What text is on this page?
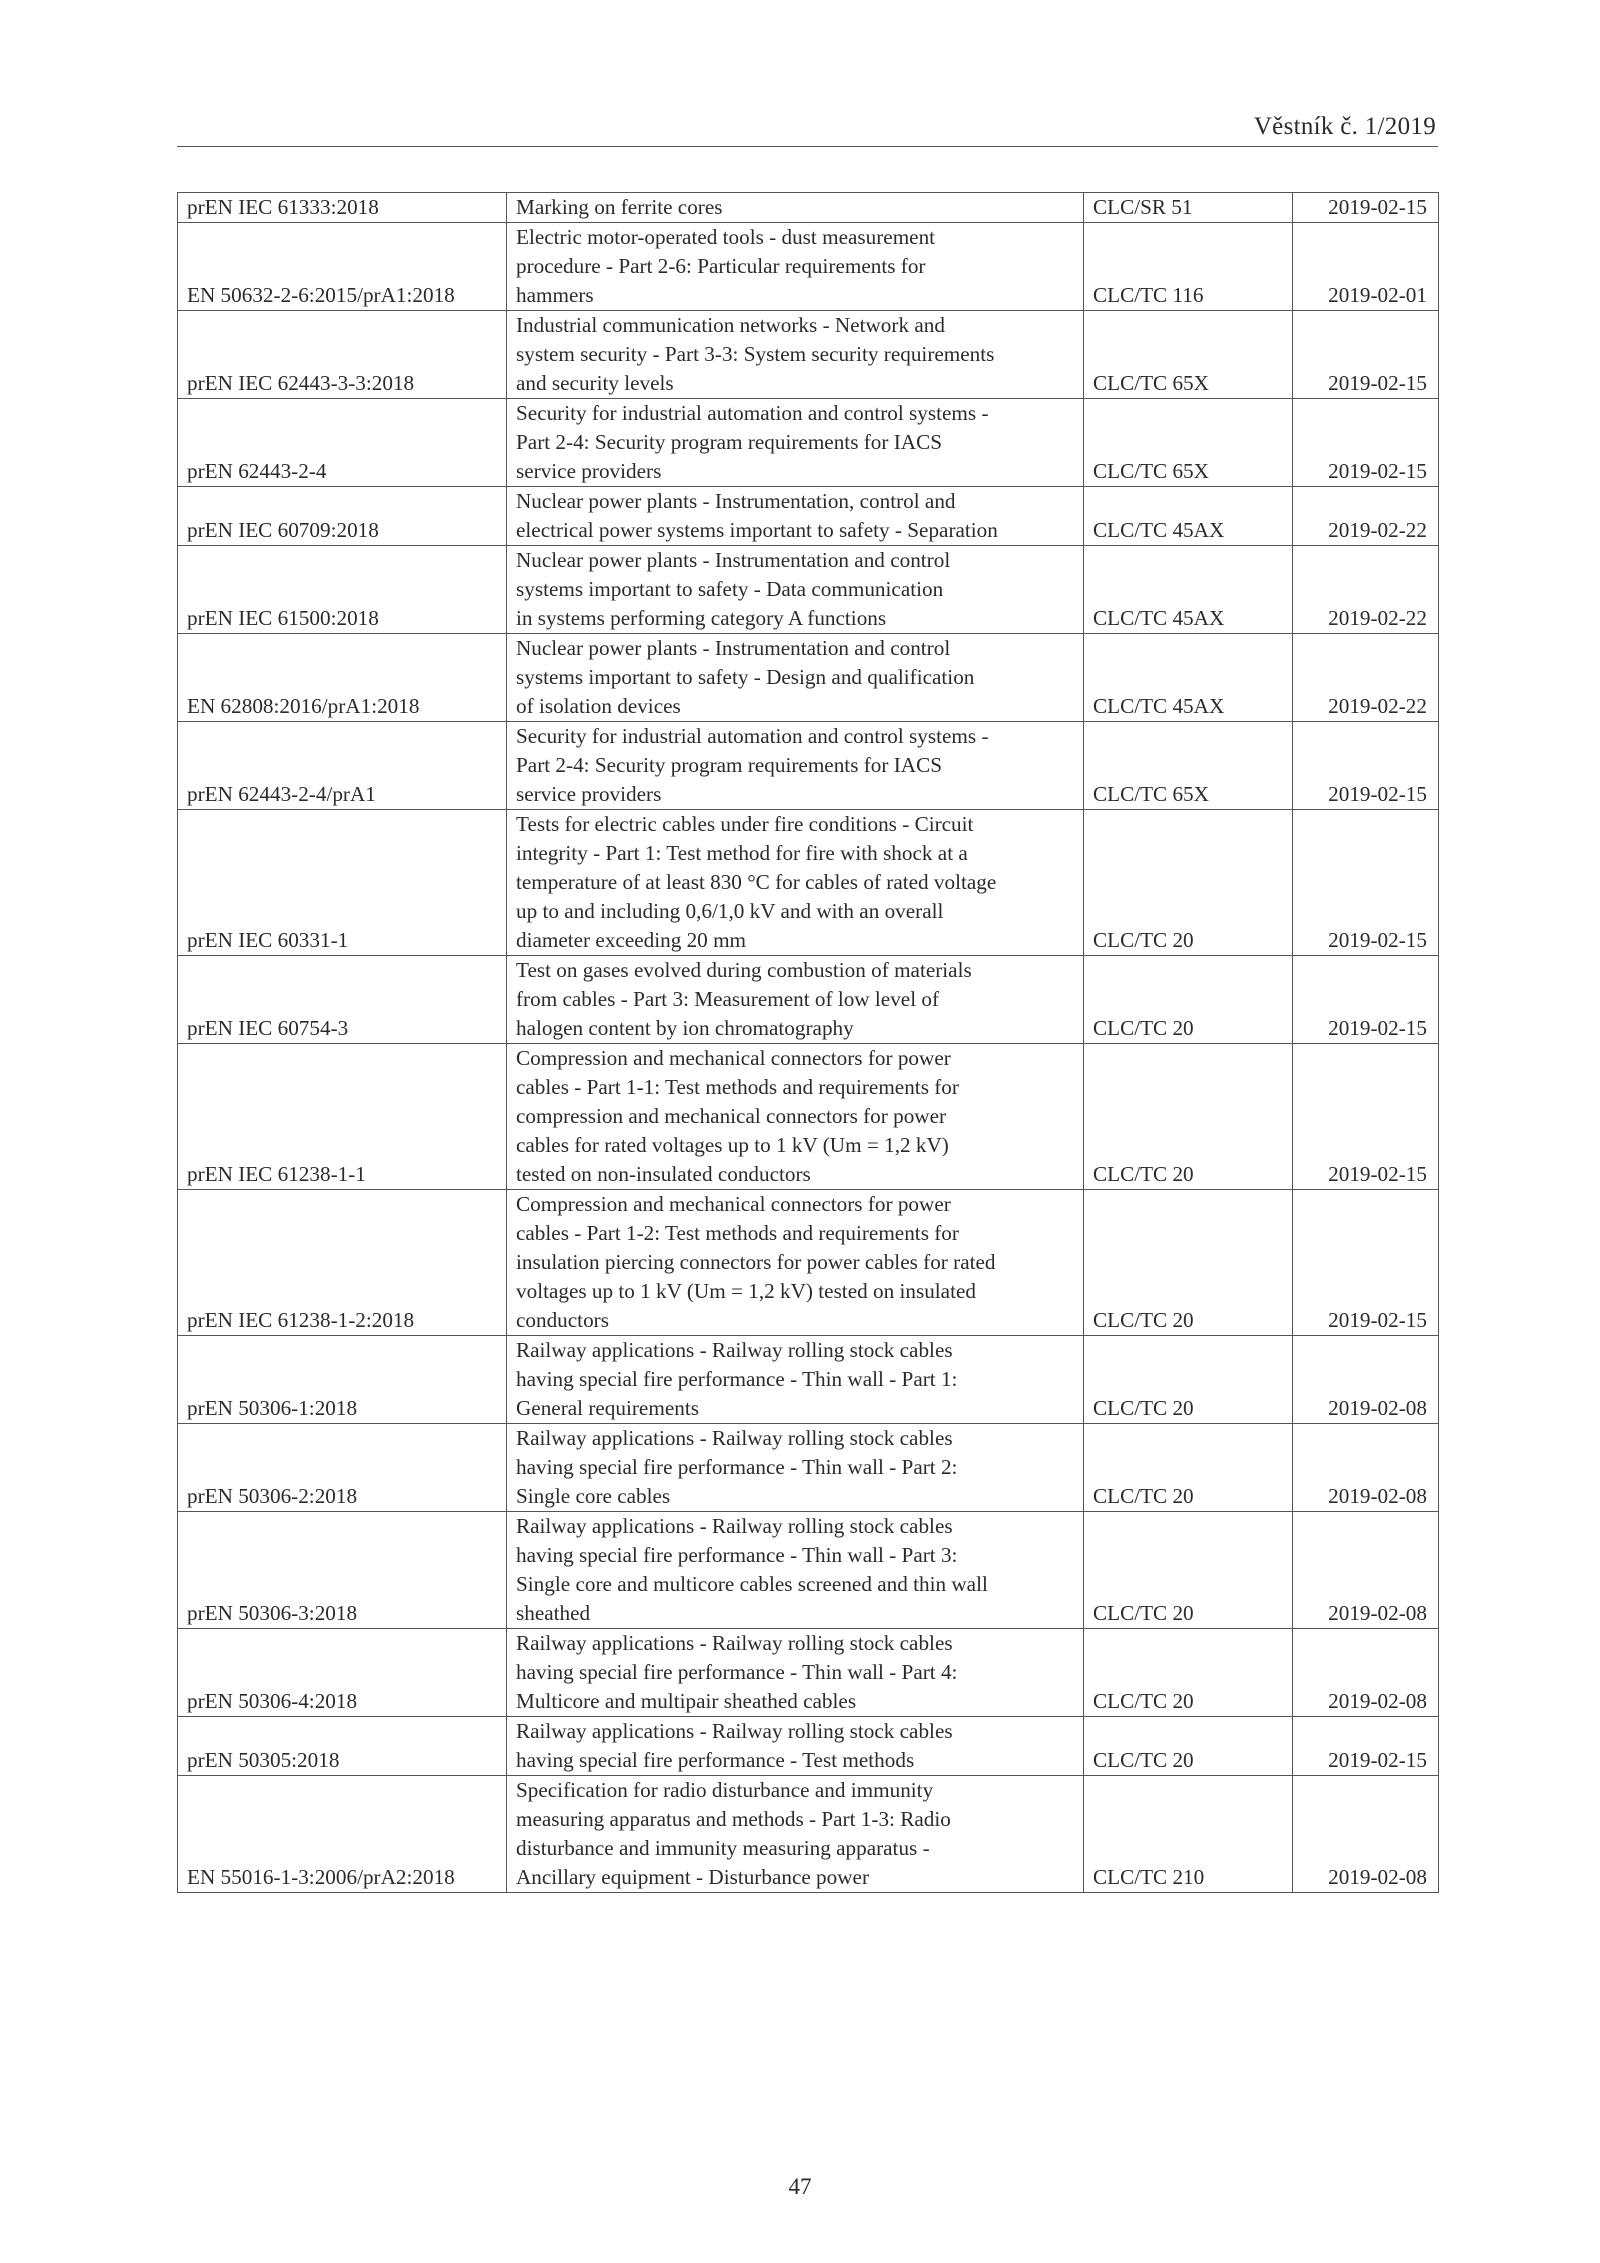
Věstník č. 1/2019
prEN IEC 61333:2018	Marking on ferrite cores	CLC/SR 51	2019-02-15
EN 50632-2-6:2015/prA1:2018	Electric motor-operated tools - dust measurement
procedure - Part 2-6: Particular requirements for
hammers	CLC/TC 116	2019-02-01
prEN IEC 62443-3-3:2018	Industrial communication networks - Network and
system security - Part 3-3: System security requirements
and security levels	CLC/TC 65X	2019-02-15
prEN 62443-2-4	Security for industrial automation and control systems -
Part 2-4: Security program requirements for IACS
service providers	CLC/TC 65X	2019-02-15
prEN IEC 60709:2018	Nuclear power plants - Instrumentation, control and
electrical power systems important to safety - Separation	CLC/TC 45AX	2019-02-22
prEN IEC 61500:2018	Nuclear power plants - Instrumentation and control
systems important to safety - Data communication
in systems performing category A functions	CLC/TC 45AX	2019-02-22
EN 62808:2016/prA1:2018	Nuclear power plants - Instrumentation and control
systems important to safety - Design and qualification
of isolation devices	CLC/TC 45AX	2019-02-22
prEN 62443-2-4/prA1	Security for industrial automation and control systems -
Part 2-4: Security program requirements for IACS
service providers	CLC/TC 65X	2019-02-15
prEN IEC 60331-1	Tests for electric cables under fire conditions - Circuit
integrity - Part 1: Test method for fire with shock at a
temperature of at least 830 °C for cables of rated voltage
up to and including 0,6/1,0 kV and with an overall
diameter exceeding 20 mm	CLC/TC 20	2019-02-15
prEN IEC 60754-3	Test on gases evolved during combustion of materials
from cables - Part 3: Measurement of low level of
halogen content by ion chromatography	CLC/TC 20	2019-02-15
prEN IEC 61238-1-1	Compression and mechanical connectors for power
cables - Part 1-1: Test methods and requirements for
compression and mechanical connectors for power
cables for rated voltages up to 1 kV (Um = 1,2 kV)
tested on non-insulated conductors	CLC/TC 20	2019-02-15
prEN IEC 61238-1-2:2018	Compression and mechanical connectors for power
cables - Part 1-2: Test methods and requirements for
insulation piercing connectors for power cables for rated
voltages up to 1 kV (Um = 1,2 kV) tested on insulated
conductors	CLC/TC 20	2019-02-15
prEN 50306-1:2018	Railway applications - Railway rolling stock cables
having special fire performance - Thin wall - Part 1:
General requirements	CLC/TC 20	2019-02-08
prEN 50306-2:2018	Railway applications - Railway rolling stock cables
having special fire performance - Thin wall - Part 2:
Single core cables	CLC/TC 20	2019-02-08
prEN 50306-3:2018	Railway applications - Railway rolling stock cables
having special fire performance - Thin wall - Part 3:
Single core and multicore cables screened and thin wall
sheathed	CLC/TC 20	2019-02-08
prEN 50306-4:2018	Railway applications - Railway rolling stock cables
having special fire performance - Thin wall - Part 4:
Multicore and multipair sheathed cables	CLC/TC 20	2019-02-08
prEN 50305:2018	Railway applications - Railway rolling stock cables
having special fire performance - Test methods	CLC/TC 20	2019-02-15
EN 55016-1-3:2006/prA2:2018	Specification for radio disturbance and immunity
measuring apparatus and methods - Part 1-3: Radio
disturbance and immunity measuring apparatus -
Ancillary equipment - Disturbance power	CLC/TC 210	2019-02-08
47
